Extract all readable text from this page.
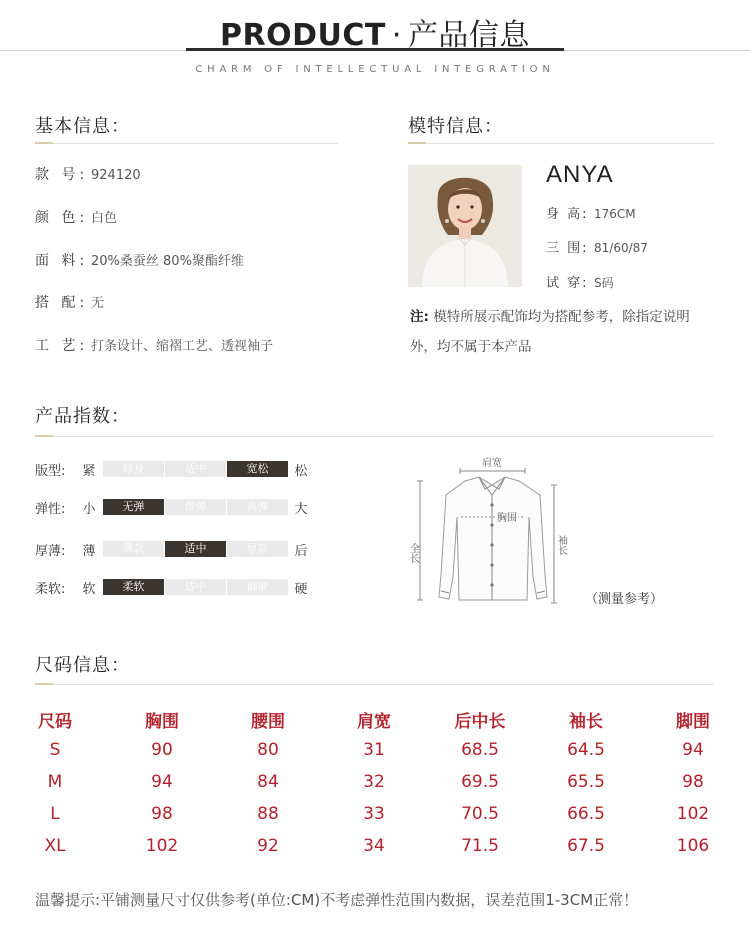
PRODUCT · 产品信息
CHARM OF INTELLECTUAL INTEGRATION
基本信息：
款 号: 924120
颜 色: 白色
面 料: 20%桑蚕丝 80%聚酯纤维
搭 配: 无
工 艺: 打条设计、缩褶工艺、透视袖子
模特信息：
ANYA
身 高: 176CM
三 围: 81/60/87
试 穿: S码
注: 模特所展示配饰均为搭配参考，除指定说明外，均不属于本产品
产品指数：
版型:	紧	修身	适中	宽松	松
弹性:	小	无弹	微弹	高弹	大
厚薄:	薄	薄款	适中	厚款	后
柔软:	软	柔软	适中	偏硬	硬
肩宽
胸围
全长	袖长
（测量参考）
尺码信息：
尺码	胸围	腰围	肩宽	后中长	袖长	脚围
S	90	80	31	68.5	64.5	94
M	94	84	32	69.5	65.5	98
L	98	88	33	70.5	66.5	102
XL	102	92	34	71.5	67.5	106
温馨提示:平铺测量尺寸仅供参考(单位:CM)不考虑弹性范围内数据，误差范围1-3CM正常！
